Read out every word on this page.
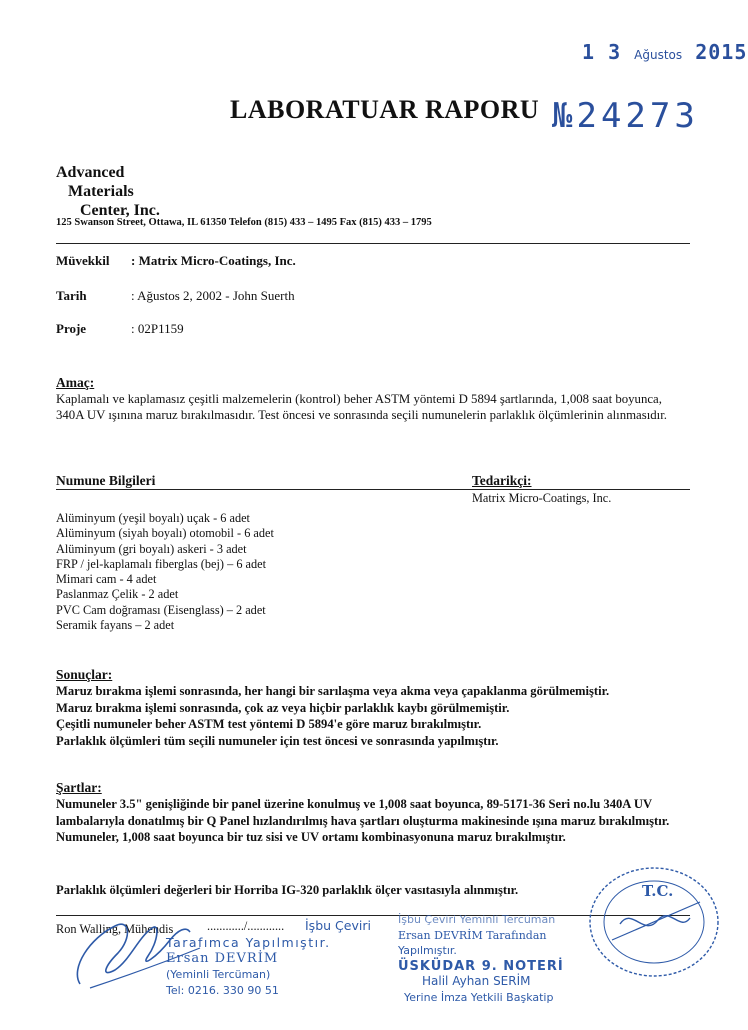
1 3 Ağustos 2015
LABORATUAR RAPORU №24273
Advanced
Materials
Center, Inc.
125 Swanson Street, Ottawa, IL 61350 Telefon (815) 433 – 1495 Fax (815) 433 – 1795
Müvekkil : Matrix Micro-Coatings, Inc.
Tarih	: Ağustos 2, 2002 - John Suerth
Proje	: 02P1159
Amaç:
Kaplamalı ve kaplamasız çeşitli malzemelerin (kontrol) beher ASTM yöntemi D 5894 şartlarında, 1,008 saat boyunca, 340A UV ışınına maruz bırakılmasıdır. Test öncesi ve sonrasında seçili numunelerin parlaklık ölçümlerinin alınmasıdır.
Numune Bilgileri	Tedarikçi:
Matrix Micro-Coatings, Inc.
Alüminyum (yeşil boyalı) uçak - 6 adet
Alüminyum (siyah boyalı) otomobil - 6 adet
Alüminyum (gri boyalı) askeri - 3 adet
FRP / jel-kaplamalı fiberglas (bej) – 6 adet
Mimari cam - 4 adet
Paslanmaz Çelik - 2 adet
PVC Cam doğraması (Eisenglass) – 2 adet
Seramik fayans – 2 adet
Sonuçlar:
Maruz bırakma işlemi sonrasında, her hangi bir sarılaşma veya akma veya çapaklanma görülmemiştir.
Maruz bırakma işlemi sonrasında, çok az veya hiçbir parlaklık kaybı görülmemiştir.
Çeşitli numuneler beher ASTM test yöntemi D 5894'e göre maruz bırakılmıştır.
Parlaklık ölçümleri tüm seçili numuneler için test öncesi ve sonrasında yapılmıştır.
Şartlar:
Numuneler 3.5" genişliğinde bir panel üzerine konulmuş ve 1,008 saat boyunca, 89-5171-36 Seri no.lu 340A UV lambalarıyla donatılmış bir Q Panel hızlandırılmış hava şartları oluşturma makinesinde ışına maruz bırakılmıştır. Numuneler, 1,008 saat boyunca bir tuz sisi ve UV ortamı kombinasyonuna maruz bırakılmıştır.
Parlaklık ölçümleri değerleri bir Horriba IG-320 parlaklık ölçer vasıtasıyla alınmıştır.
Ron Walling, Mühendis	............/............ İşbu Çeviri
Tarafımca Yapılmıştır.
Ersan DEVRİM
(Yeminli Tercüman)
Tel: 0216. 330 90 51
İşbu Çeviri Yeminli Tercüman
Ersan DEVRİM Tarafından
Yapılmıştır.
ÜSKÜDAR 9. NOTERİ
Halil Ayhan SERİM
Yerine İmza Yetkili Başkatip
T.C.
